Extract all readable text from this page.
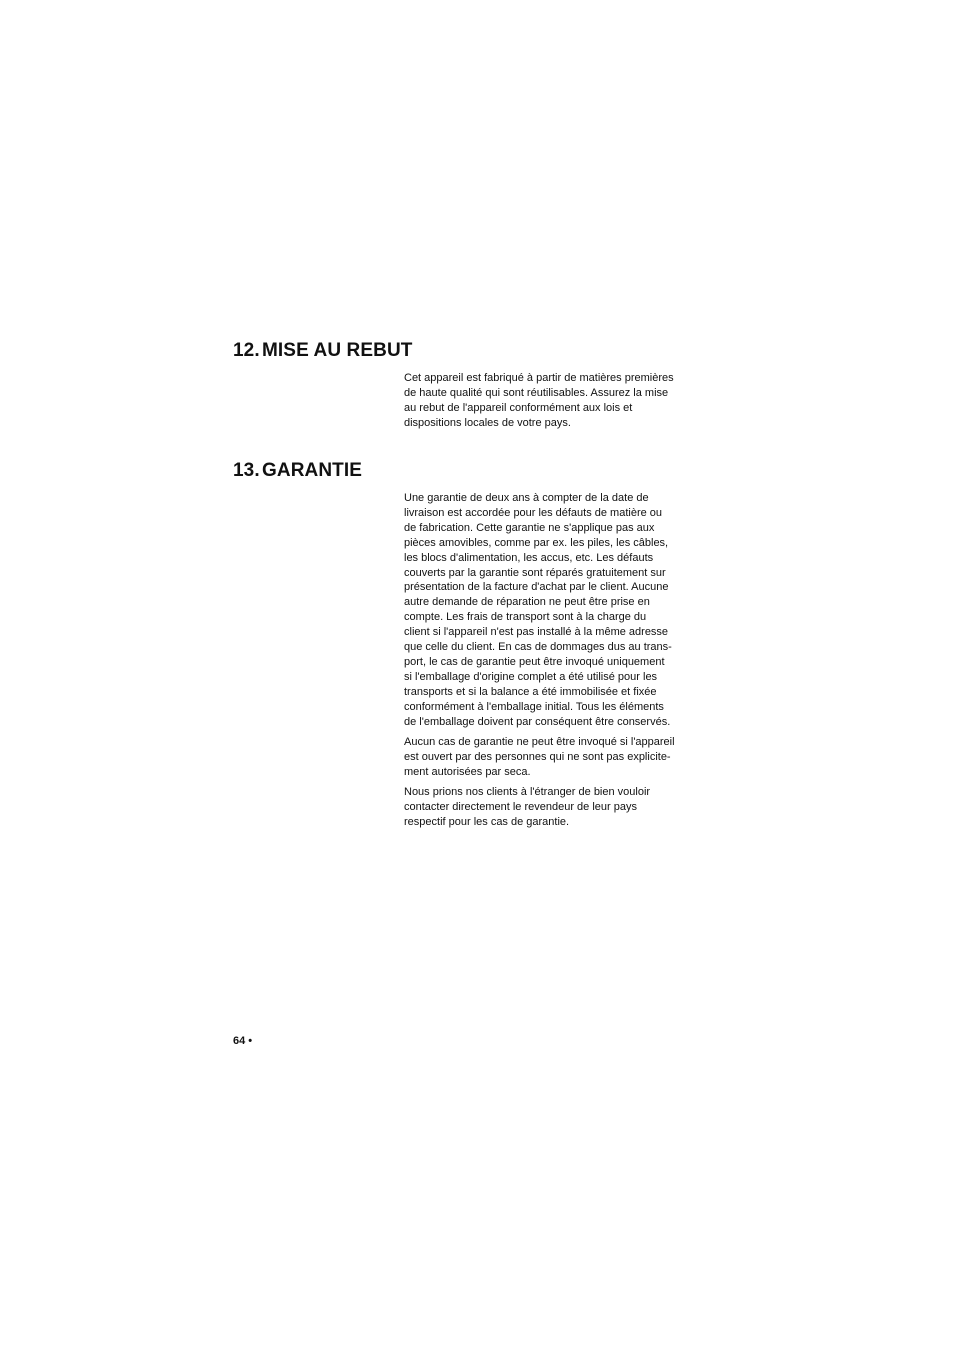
12. MISE AU REBUT

Cet appareil est fabriqué à partir de matières premières
de haute qualité qui sont réutilisables. Assurez la mise
au rebut de l'appareil conformément aux lois et
dispositions locales de votre pays.

13. GARANTIE

Une garantie de deux ans à compter de la date de
livraison est accordée pour les défauts de matière ou
de fabrication. Cette garantie ne s'applique pas aux
pièces amovibles, comme par ex. les piles, les câbles,
les blocs d'alimentation, les accus, etc. Les défauts
couverts par la garantie sont réparés gratuitement sur
présentation de la facture d'achat par le client. Aucune
autre demande de réparation ne peut être prise en
compte. Les frais de transport sont à la charge du
client si l'appareil n'est pas installé à la même adresse
que celle du client. En cas de dommages dus au trans-
port, le cas de garantie peut être invoqué uniquement
si l'emballage d'origine complet a été utilisé pour les
transports et si la balance a été immobilisée et fixée
conformément à l'emballage initial. Tous les éléments
de l'emballage doivent par conséquent être conservés.

Aucun cas de garantie ne peut être invoqué si l'appareil
est ouvert par des personnes qui ne sont pas explicite-
ment autorisées par seca.

Nous prions nos clients à l'étranger de bien vouloir
contacter directement le revendeur de leur pays
respectif pour les cas de garantie.

64 •
